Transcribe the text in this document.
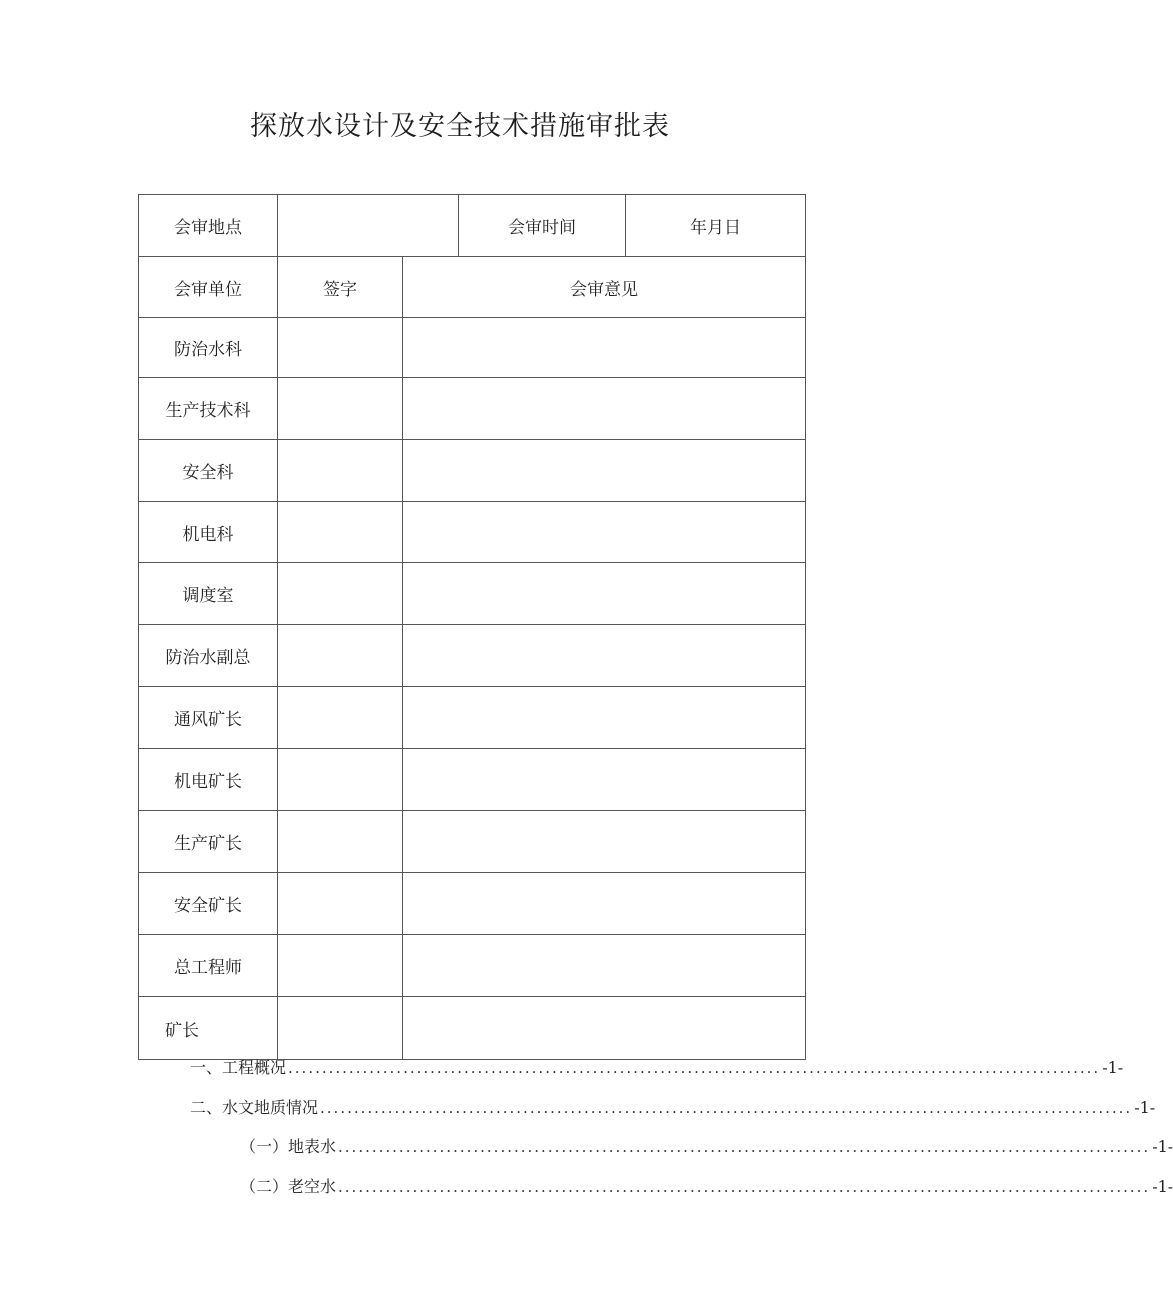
探放水设计及安全技术措施审批表
会审地点			会审时间	年月日
会审单位	签字	会审意见		
防治水科				
生产技术科				
安全科				
机电科				
调度室				
防治水副总				
通风矿长				
机电矿长				
生产矿长				
安全矿长				
总工程师				
矿长				
一、工程概况 ........................................................................................................................ -1-
二、水文地质情况 ........................................................................................................................ -1-
（一）地表水 ........................................................................................................................ -1-
（二）老空水 ........................................................................................................................ -1-
